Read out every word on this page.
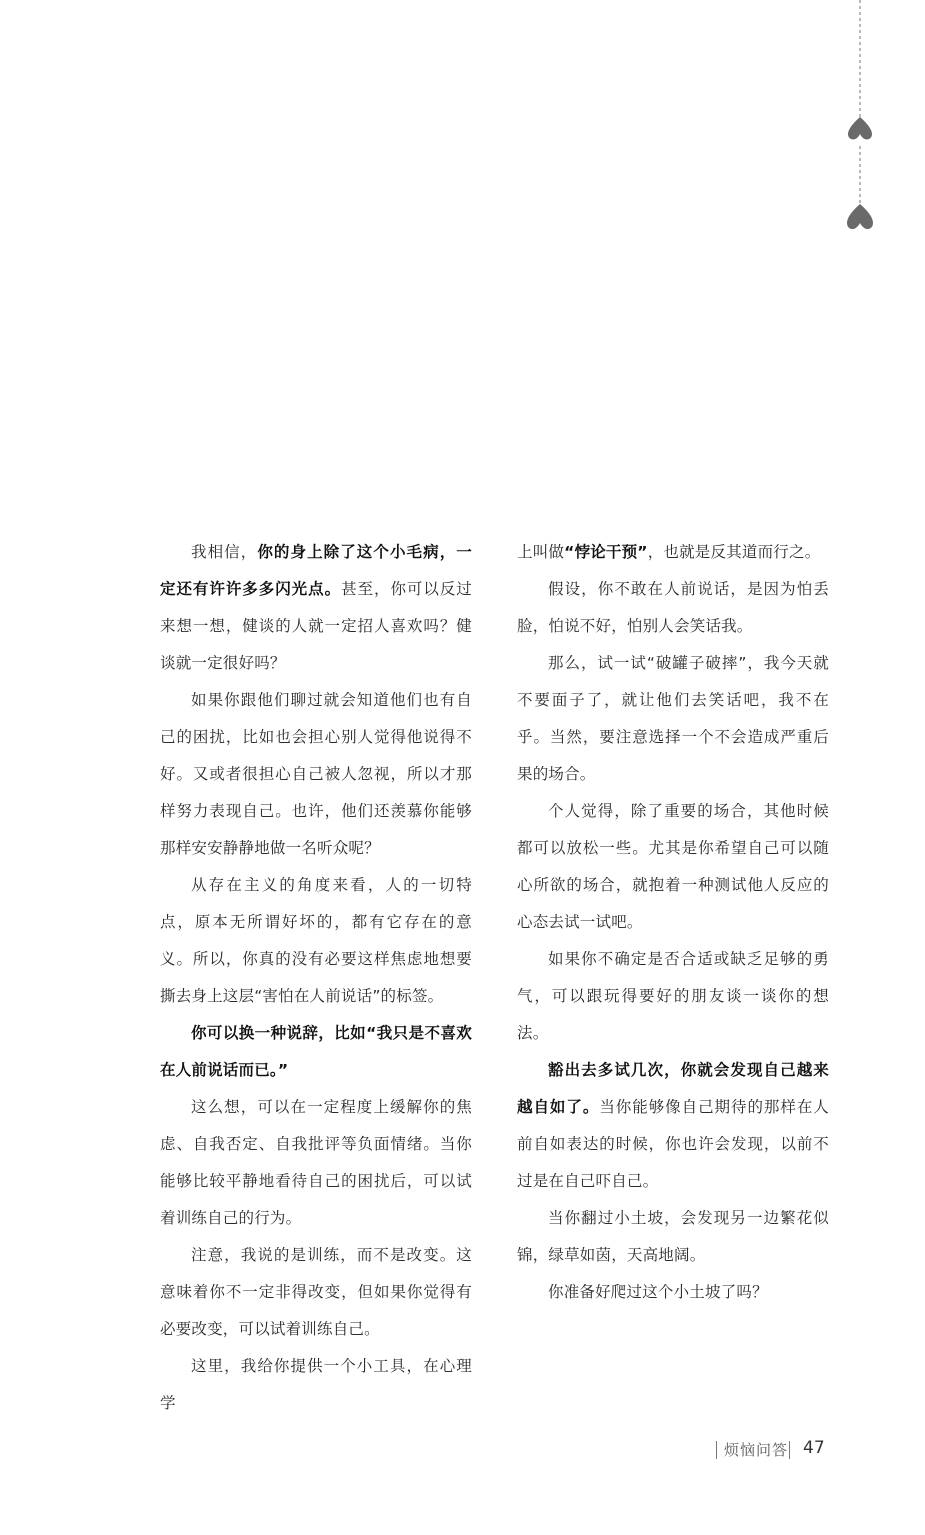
我相信，你的身上除了这个小毛病，一定还有许许多多闪光点。甚至，你可以反过来想一想，健谈的人就一定招人喜欢吗？健谈就一定很好吗？

如果你跟他们聊过就会知道他们也有自己的困扰，比如也会担心别人觉得他说得不好。又或者很担心自己被人忽视，所以才那样努力表现自己。也许，他们还羡慕你能够那样安安静静地做一名听众呢？

从存在主义的角度来看，人的一切特点，原本无所谓好坏的，都有它存在的意义。所以，你真的没有必要这样焦虑地想要撕去身上这层“害怕在人前说话”的标签。

你可以换一种说辞，比如“我只是不喜欢在人前说话而已。”

这么想，可以在一定程度上缓解你的焦虑、自我否定、自我批评等负面情绪。当你能够比较平静地看待自己的困扰后，可以试着训练自己的行为。

注意，我说的是训练，而不是改变。这意味着你不一定非得改变，但如果你觉得有必要改变，可以试着训练自己。

这里，我给你提供一个小工具，在心理学

上叫做“悖论干预”，也就是反其道而行之。

假设，你不敢在人前说话，是因为怕丢脸，怕说不好，怕别人会笑话我。

那么，试一试“破罐子破摔”，我今天就不要面子了，就让他们去笑话吧，我不在乎。当然，要注意选择一个不会造成严重后果的场合。

个人觉得，除了重要的场合，其他时候都可以放松一些。尤其是你希望自己可以随心所欲的场合，就抱着一种测试他人反应的心态去试一试吧。

如果你不确定是否合适或缺乏足够的勇气，可以跟玩得要好的朋友谈一谈你的想法。

豁出去多试几次，你就会发现自己越来越自如了。当你能够像自己期待的那样在人前自如表达的时候，你也许会发现，以前不过是在自己吓自己。

当你翻过小土坡，会发现另一边繁花似锦，绿草如茵，天高地阔。

你准备好爬过这个小土坡了吗？

烦恼问答 47
